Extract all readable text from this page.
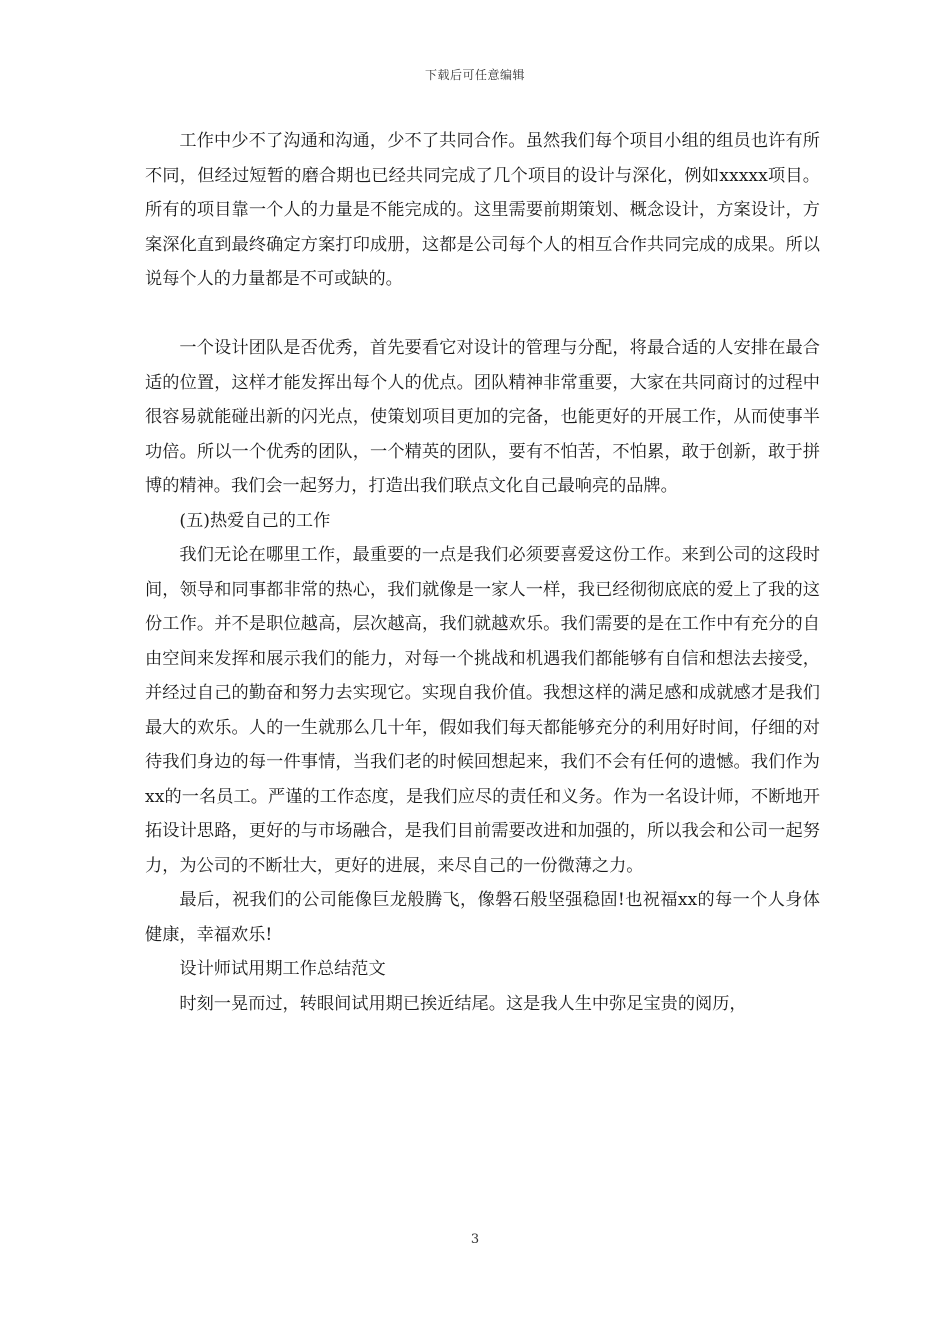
下载后可任意编辑

工作中少不了沟通和沟通，少不了共同合作。虽然我们每个项目小组的组员也许有所不同，但经过短暂的磨合期也已经共同完成了几个项目的设计与深化，例如xxxxx项目。所有的项目靠一个人的力量是不能完成的。这里需要前期策划、概念设计，方案设计，方案深化直到最终确定方案打印成册，这都是公司每个人的相互合作共同完成的成果。所以说每个人的力量都是不可或缺的。

一个设计团队是否优秀，首先要看它对设计的管理与分配，将最合适的人安排在最合适的位置，这样才能发挥出每个人的优点。团队精神非常重要，大家在共同商讨的过程中很容易就能碰出新的闪光点，使策划项目更加的完备，也能更好的开展工作，从而使事半功倍。所以一个优秀的团队，一个精英的团队，要有不怕苦，不怕累，敢于创新，敢于拼博的精神。我们会一起努力，打造出我们联点文化自己最响亮的品牌。

(五)热爱自己的工作

我们无论在哪里工作，最重要的一点是我们必须要喜爱这份工作。来到公司的这段时间，领导和同事都非常的热心，我们就像是一家人一样，我已经彻彻底底的爱上了我的这份工作。并不是职位越高，层次越高，我们就越欢乐。我们需要的是在工作中有充分的自由空间来发挥和展示我们的能力，对每一个挑战和机遇我们都能够有自信和想法去接受，并经过自己的勤奋和努力去实现它。实现自我价值。我想这样的满足感和成就感才是我们最大的欢乐。人的一生就那么几十年，假如我们每天都能够充分的利用好时间，仔细的对待我们身边的每一件事情，当我们老的时候回想起来，我们不会有任何的遗憾。我们作为xx的一名员工。严谨的工作态度，是我们应尽的责任和义务。作为一名设计师，不断地开拓设计思路，更好的与市场融合，是我们目前需要改进和加强的，所以我会和公司一起努力，为公司的不断壮大，更好的进展，来尽自己的一份微薄之力。

最后，祝我们的公司能像巨龙般腾飞，像磐石般坚强稳固!也祝福xx的每一个人身体健康，幸福欢乐!

设计师试用期工作总结范文

时刻一晃而过，转眼间试用期已挨近结尾。这是我人生中弥足宝贵的阅历，

3
